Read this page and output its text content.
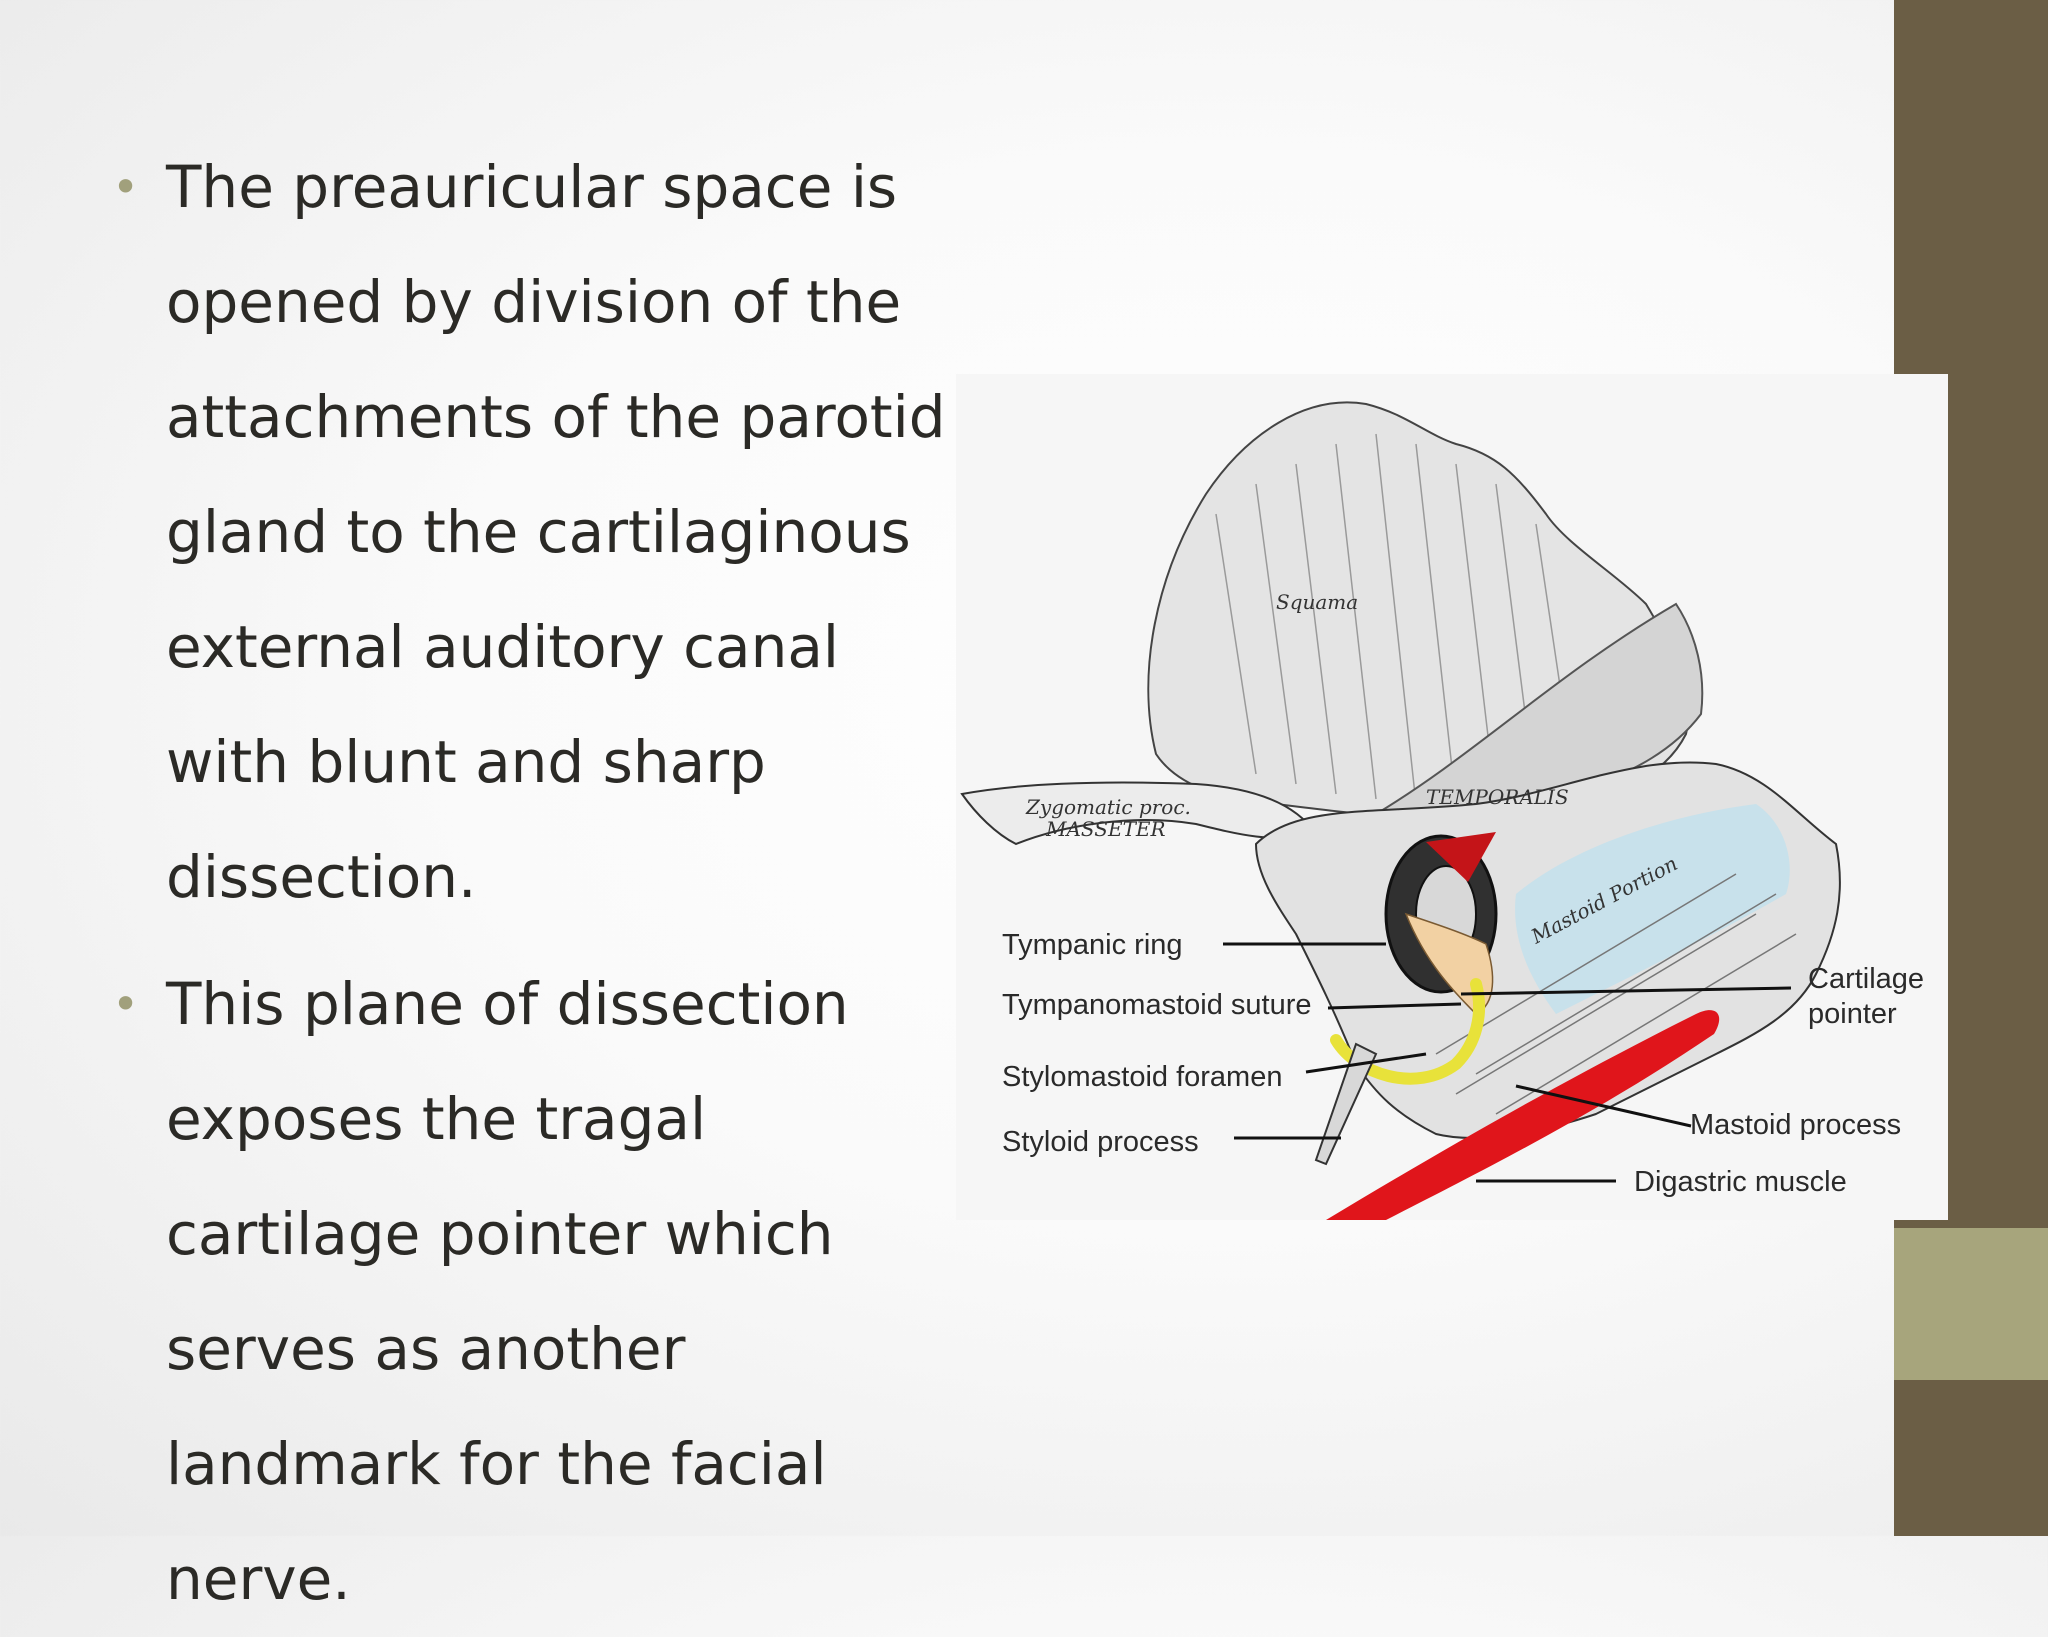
• The preauricular space is opened by division of the attachments of the parotid gland to the cartilaginous external auditory canal with blunt and sharp dissection.
• This plane of dissection exposes the tragal cartilage pointer which serves as another landmark for the facial nerve.
Squama
Zygomatic proc.	TEMPORALIS
MASSETER
Mastoid Portion
Tympanic ring
Tympanomastoid suture
Stylomastoid foramen
Styloid process
Cartilage
pointer
Mastoid process
Digastric muscle
